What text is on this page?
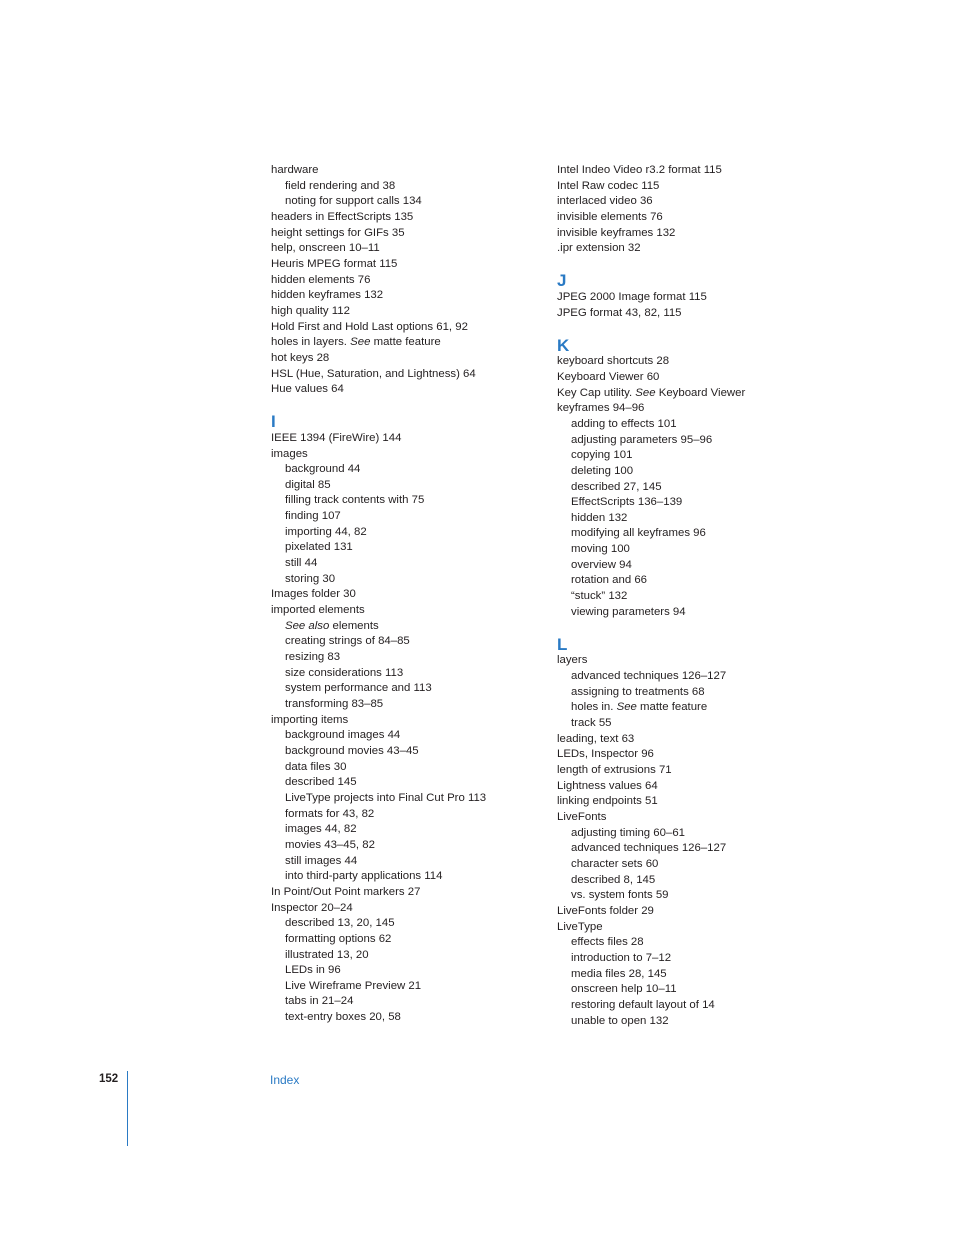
hardware
field rendering and 38
noting for support calls 134
headers in EffectScripts 135
height settings for GIFs 35
help, onscreen 10–11
Heuris MPEG format 115
hidden elements 76
hidden keyframes 132
high quality 112
Hold First and Hold Last options 61, 92
holes in layers. See matte feature
hot keys 28
HSL (Hue, Saturation, and Lightness) 64
Hue values 64
I
IEEE 1394 (FireWire) 144
images
background 44
digital 85
filling track contents with 75
finding 107
importing 44, 82
pixelated 131
still 44
storing 30
Images folder 30
imported elements
See also elements
creating strings of 84–85
resizing 83
size considerations 113
system performance and 113
transforming 83–85
importing items
background images 44
background movies 43–45
data files 30
described 145
LiveType projects into Final Cut Pro 113
formats for 43, 82
images 44, 82
movies 43–45, 82
still images 44
into third-party applications 114
In Point/Out Point markers 27
Inspector 20–24
described 13, 20, 145
formatting options 62
illustrated 13, 20
LEDs in 96
Live Wireframe Preview 21
tabs in 21–24
text-entry boxes 20, 58
Intel Indeo Video r3.2 format 115
Intel Raw codec 115
interlaced video 36
invisible elements 76
invisible keyframes 132
.ipr extension 32
J
JPEG 2000 Image format 115
JPEG format 43, 82, 115
K
keyboard shortcuts 28
Keyboard Viewer 60
Key Cap utility. See Keyboard Viewer
keyframes 94–96
adding to effects 101
adjusting parameters 95–96
copying 101
deleting 100
described 27, 145
EffectScripts 136–139
hidden 132
modifying all keyframes 96
moving 100
overview 94
rotation and 66
“stuck” 132
viewing parameters 94
L
layers
advanced techniques 126–127
assigning to treatments 68
holes in. See matte feature
track 55
leading, text 63
LEDs, Inspector 96
length of extrusions 71
Lightness values 64
linking endpoints 51
LiveFonts
adjusting timing 60–61
advanced techniques 126–127
character sets 60
described 8, 145
vs. system fonts 59
LiveFonts folder 29
LiveType
effects files 28
introduction to 7–12
media files 28, 145
onscreen help 10–11
restoring default layout of 14
unable to open 132
152	Index
